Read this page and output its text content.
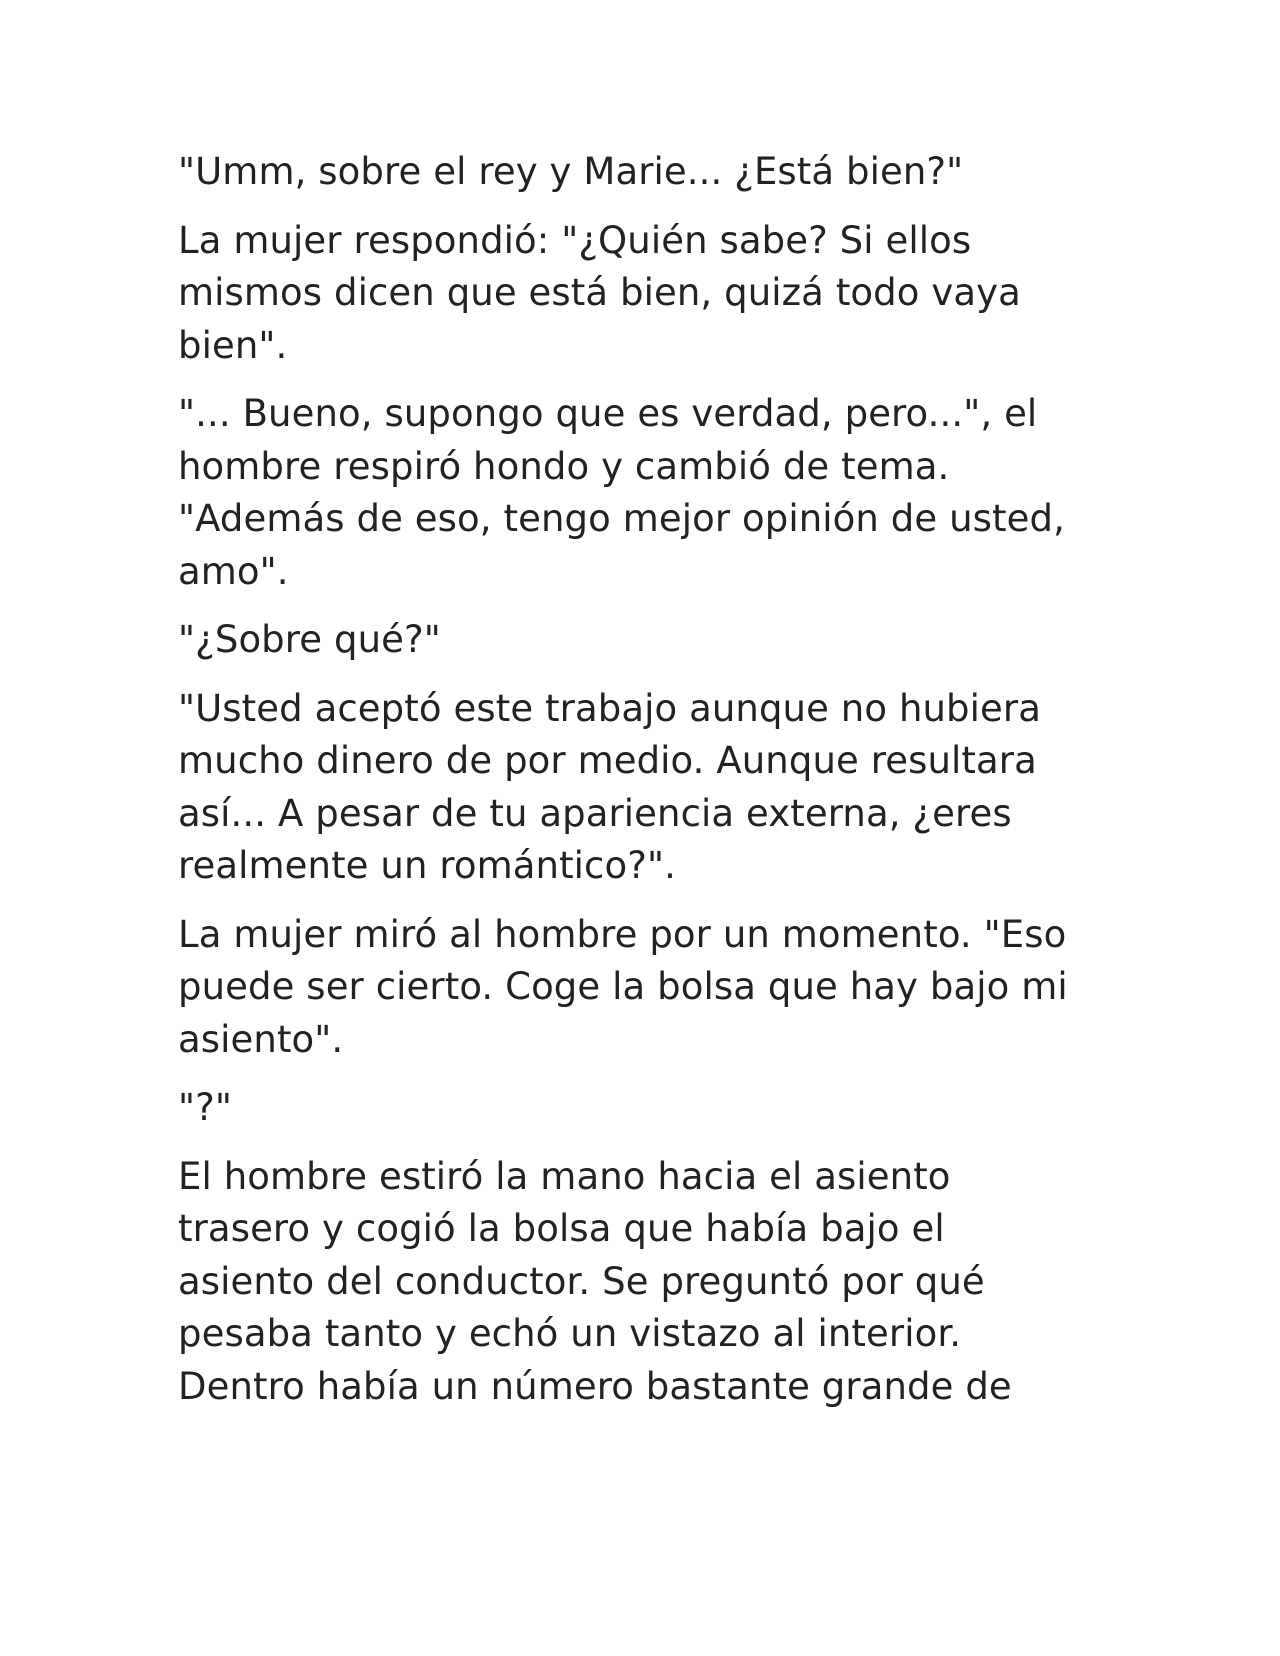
"Umm, sobre el rey y Marie... ¿Está bien?"

La mujer respondió: "¿Quién sabe? Si ellos
mismos dicen que está bien, quizá todo vaya
bien".

"... Bueno, supongo que es verdad, pero...", el
hombre respiró hondo y cambió de tema.
"Además de eso, tengo mejor opinión de usted,
amo".

"¿Sobre qué?"

"Usted aceptó este trabajo aunque no hubiera
mucho dinero de por medio. Aunque resultara
así... A pesar de tu apariencia externa, ¿eres
realmente un romántico?".

La mujer miró al hombre por un momento. "Eso
puede ser cierto. Coge la bolsa que hay bajo mi
asiento".

"?"

El hombre estiró la mano hacia el asiento
trasero y cogió la bolsa que había bajo el
asiento del conductor. Se preguntó por qué
pesaba tanto y echó un vistazo al interior.
Dentro había un número bastante grande de
